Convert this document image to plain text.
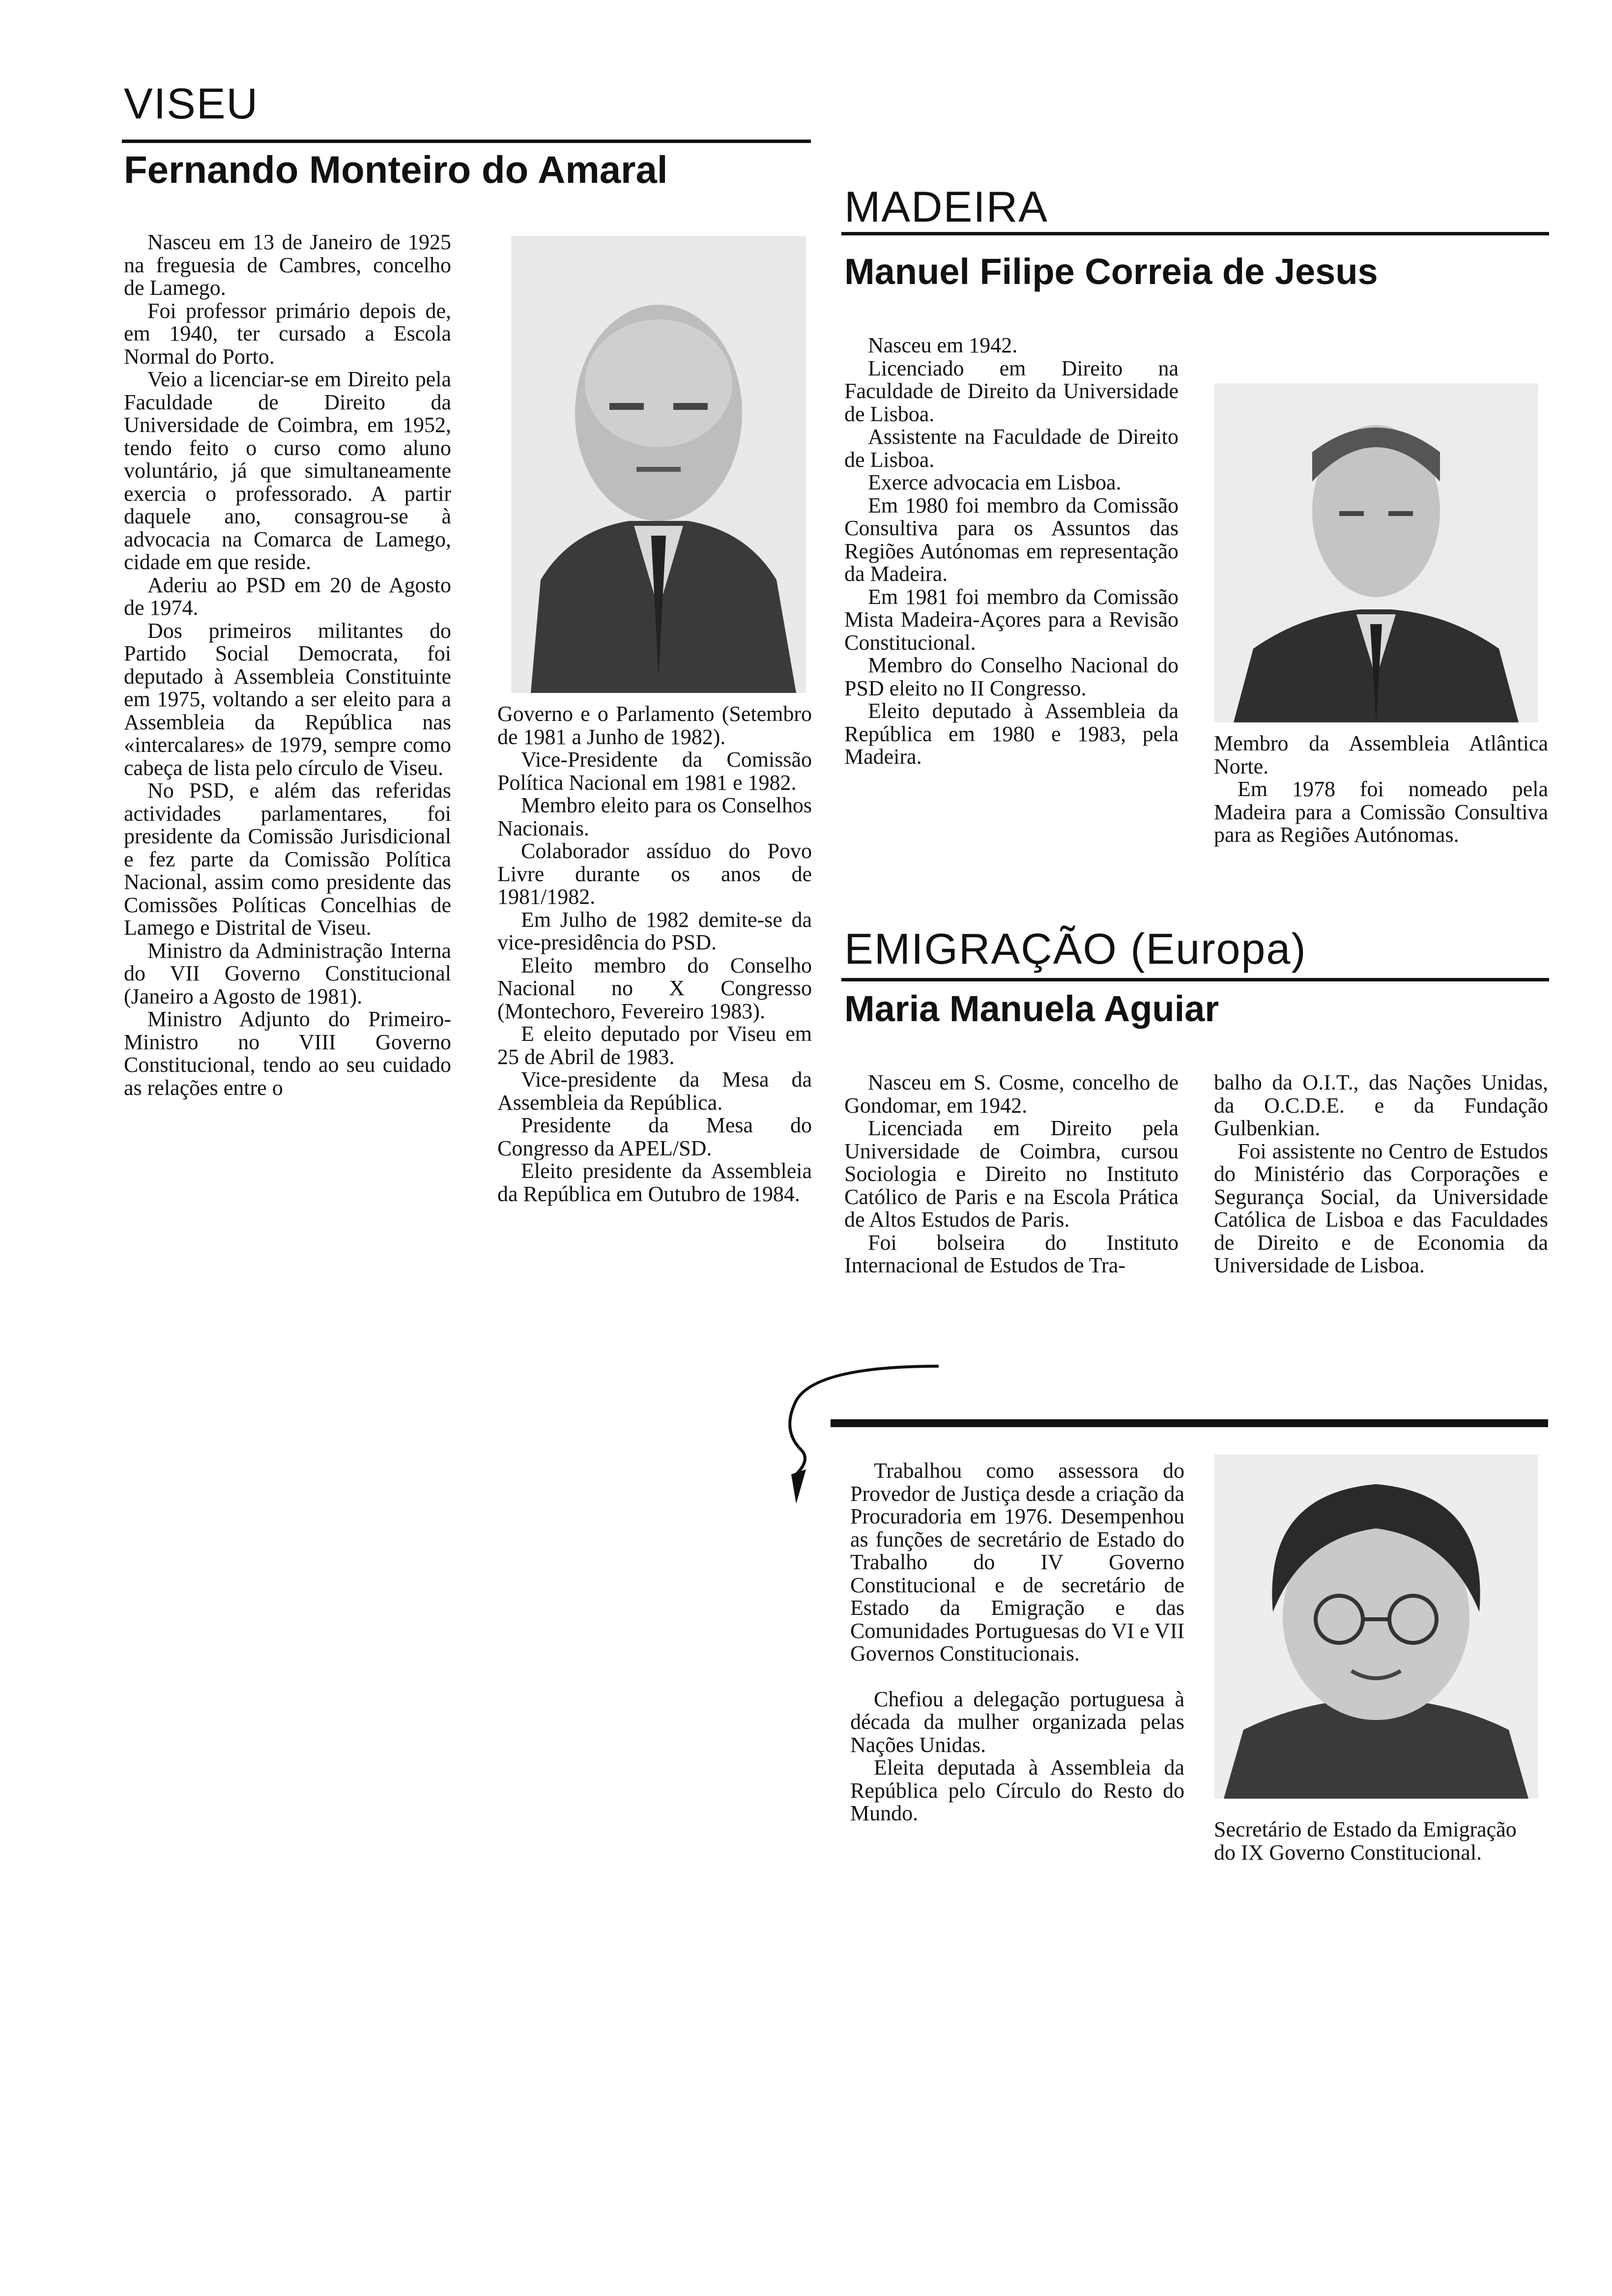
VISEU
Fernando Monteiro do Amaral

Nasceu em 13 de Janeiro de 1925 na freguesia de Cambres, concelho de Lamego.

Foi professor primário depois de, em 1940, ter cursado a Escola Normal do Porto.

Veio a licenciar-se em Direito pela Faculdade de Direito da Universidade de Coimbra, em 1952, tendo feito o curso como aluno voluntário, já que simultaneamente exercia o professorado. A partir daquele ano, consagrou-se à advocacia na Comarca de Lamego, cidade em que reside.

Aderiu ao PSD em 20 de Agosto de 1974.

Dos primeiros militantes do Partido Social Democrata, foi deputado à Assembleia Constituinte em 1975, voltando a ser eleito para a Assembleia da República nas «intercalares» de 1979, sempre como cabeça de lista pelo círculo de Viseu.

No PSD, e além das referidas actividades parlamentares, foi presidente da Comissão Jurisdicional e fez parte da Comissão Política Nacional, assim como presidente das Comissões Políticas Concelhias de Lamego e Distrital de Viseu.

Ministro da Administração Interna do VII Governo Constitucional (Janeiro a Agosto de 1981).

Ministro Adjunto do Primeiro-Ministro no VIII Governo Constitucional, tendo ao seu cuidado as relações entre o

Governo e o Parlamento (Setembro de 1981 a Junho de 1982).

Vice-Presidente da Comissão Política Nacional em 1981 e 1982.

Membro eleito para os Conselhos Nacionais.

Colaborador assíduo do Povo Livre durante os anos de 1981/1982.

Em Julho de 1982 demite-se da vice-presidência do PSD.

Eleito membro do Conselho Nacional no X Congresso (Montechoro, Fevereiro 1983).

E eleito deputado por Viseu em 25 de Abril de 1983.

Vice-presidente da Mesa da Assembleia da República.

Presidente da Mesa do Congresso da APEL/SD.

Eleito presidente da Assembleia da República em Outubro de 1984.

MADEIRA
Manuel Filipe Correia de Jesus

Nasceu em 1942.

Licenciado em Direito na Faculdade de Direito da Universidade de Lisboa.

Assistente na Faculdade de Direito de Lisboa.

Exerce advocacia em Lisboa.

Em 1980 foi membro da Comissão Consultiva para os Assuntos das Regiões Autónomas em representação da Madeira.

Em 1981 foi membro da Comissão Mista Madeira-Açores para a Revisão Constitucional.

Membro do Conselho Nacional do PSD eleito no II Congresso.

Eleito deputado à Assembleia da República em 1980 e 1983, pela Madeira.

Membro da Assembleia Atlântica Norte.

Em 1978 foi nomeado pela Madeira para a Comissão Consultiva para as Regiões Autónomas.

EMIGRAÇÃO (Europa)
Maria Manuela Aguiar

Nasceu em S. Cosme, concelho de Gondomar, em 1942.

Licenciada em Direito pela Universidade de Coimbra, cursou Sociologia e Direito no Instituto Católico de Paris e na Escola Prática de Altos Estudos de Paris.

Foi bolseira do Instituto Internacional de Estudos de Tra-

balho da O.I.T., das Nações Unidas, da O.C.D.E. e da Fundação Gulbenkian.

Foi assistente no Centro de Estudos do Ministério das Corporações e Segurança Social, da Universidade Católica de Lisboa e das Faculdades de Direito e de Economia da Universidade de Lisboa.

Trabalhou como assessora do Provedor de Justiça desde a criação da Procuradoria em 1976. Desempenhou as funções de secretário de Estado do Trabalho do IV Governo Constitucional e de secretário de Estado da Emigração e das Comunidades Portuguesas do VI e VII Governos Constitucionais.

Chefiou a delegação portuguesa à década da mulher organizada pelas Nações Unidas.

Eleita deputada à Assembleia da República pelo Círculo do Resto do Mundo.

Secretário de Estado da Emigração do IX Governo Constitucional.
